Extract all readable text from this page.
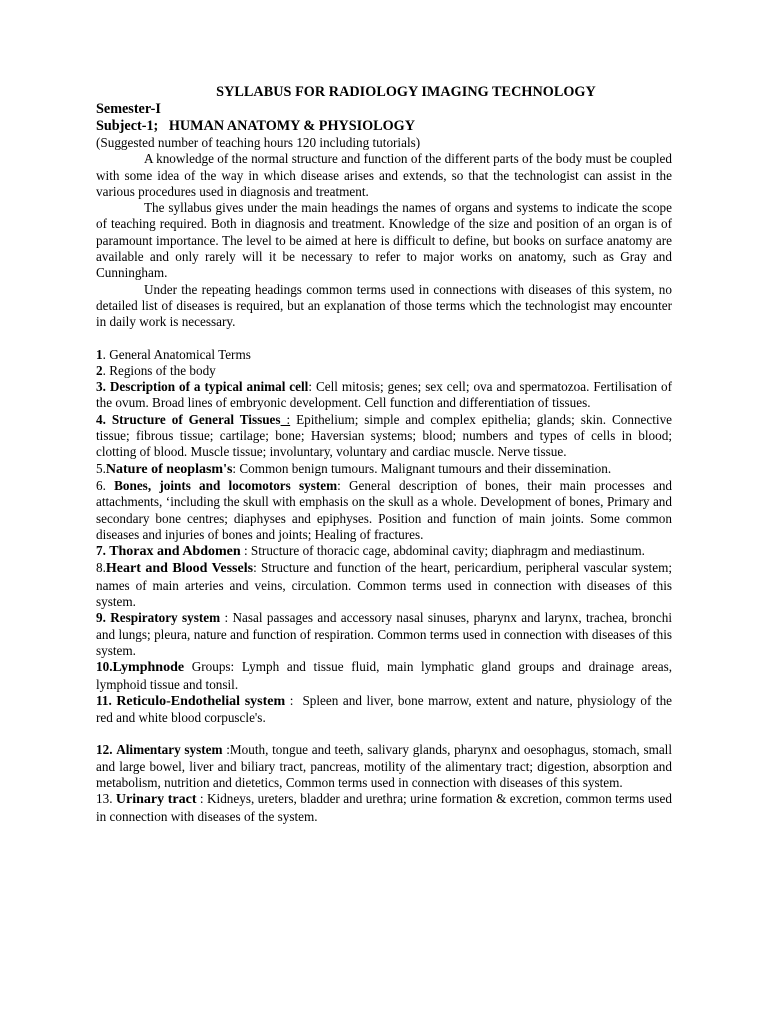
SYLLABUS FOR RADIOLOGY IMAGING TECHNOLOGY
Semester-I
Subject-1;   HUMAN ANATOMY & PHYSIOLOGY
(Suggested number of teaching hours 120 including tutorials)

A knowledge of the normal structure and function of the different parts of the body must be coupled with some idea of the way in which disease arises and extends, so that the technologist can assist in the various procedures used in diagnosis and treatment.

The syllabus gives under the main headings the names of organs and systems to indicate the scope of teaching required. Both in diagnosis and treatment. Knowledge of the size and position of an organ is of paramount importance. The level to be aimed at here is difficult to define, but books on surface anatomy are available and only rarely will it be necessary to refer to major works on anatomy, such as Gray and Cunningham.

Under the repeating headings common terms used in connections with diseases of this system, no detailed list of diseases is required, but an explanation of those terms which the technologist may encounter in daily work is necessary.

1. General Anatomical Terms
2. Regions of the body
3. Description of a typical animal cell: Cell mitosis; genes; sex cell; ova and spermatozoa. Fertilisation of the ovum. Broad lines of embryonic development. Cell function and differentiation of tissues.
4. Structure of General Tissues : Epithelium; simple and complex epithelia; glands; skin. Connective tissue; fibrous tissue; cartilage; bone; Haversian systems; blood; numbers and types of cells in blood; clotting of blood. Muscle tissue; involuntary, voluntary and cardiac muscle. Nerve tissue.
5.Nature of neoplasm's: Common benign tumours. Malignant tumours and their dissemination.
6. Bones, joints and locomotors system: General description of bones, their main processes and attachments, ‘including the skull with emphasis on the skull as a whole. Development of bones, Primary and secondary bone centres; diaphyses and epiphyses. Position and function of main joints. Some common diseases and injuries of bones and joints; Healing of fractures.
7. Thorax and Abdomen : Structure of thoracic cage, abdominal cavity; diaphragm and mediastinum.
8.Heart and Blood Vessels: Structure and function of the heart, pericardium, peripheral vascular system; names of main arteries and veins, circulation. Common terms used in connection with diseases of this system.
9. Respiratory system : Nasal passages and accessory nasal sinuses, pharynx and larynx, trachea, bronchi and lungs; pleura, nature and function of respiration. Common terms used in connection with diseases of this system.
10.Lymphnode Groups: Lymph and tissue fluid, main lymphatic gland groups and drainage areas, lymphoid tissue and tonsil.
11. Reticulo-Endothelial system :  Spleen and liver, bone marrow, extent and nature, physiology of the red and white blood corpuscle's.
12. Alimentary system :Mouth, tongue and teeth, salivary glands, pharynx and oesophagus, stomach, small and large bowel, liver and biliary tract, pancreas, motility of the alimentary tract; digestion, absorption and metabolism, nutrition and dietetics, Common terms used in connection with diseases of this system.
13. Urinary tract : Kidneys, ureters, bladder and urethra; urine formation & excretion, common terms used in connection with diseases of the system.
